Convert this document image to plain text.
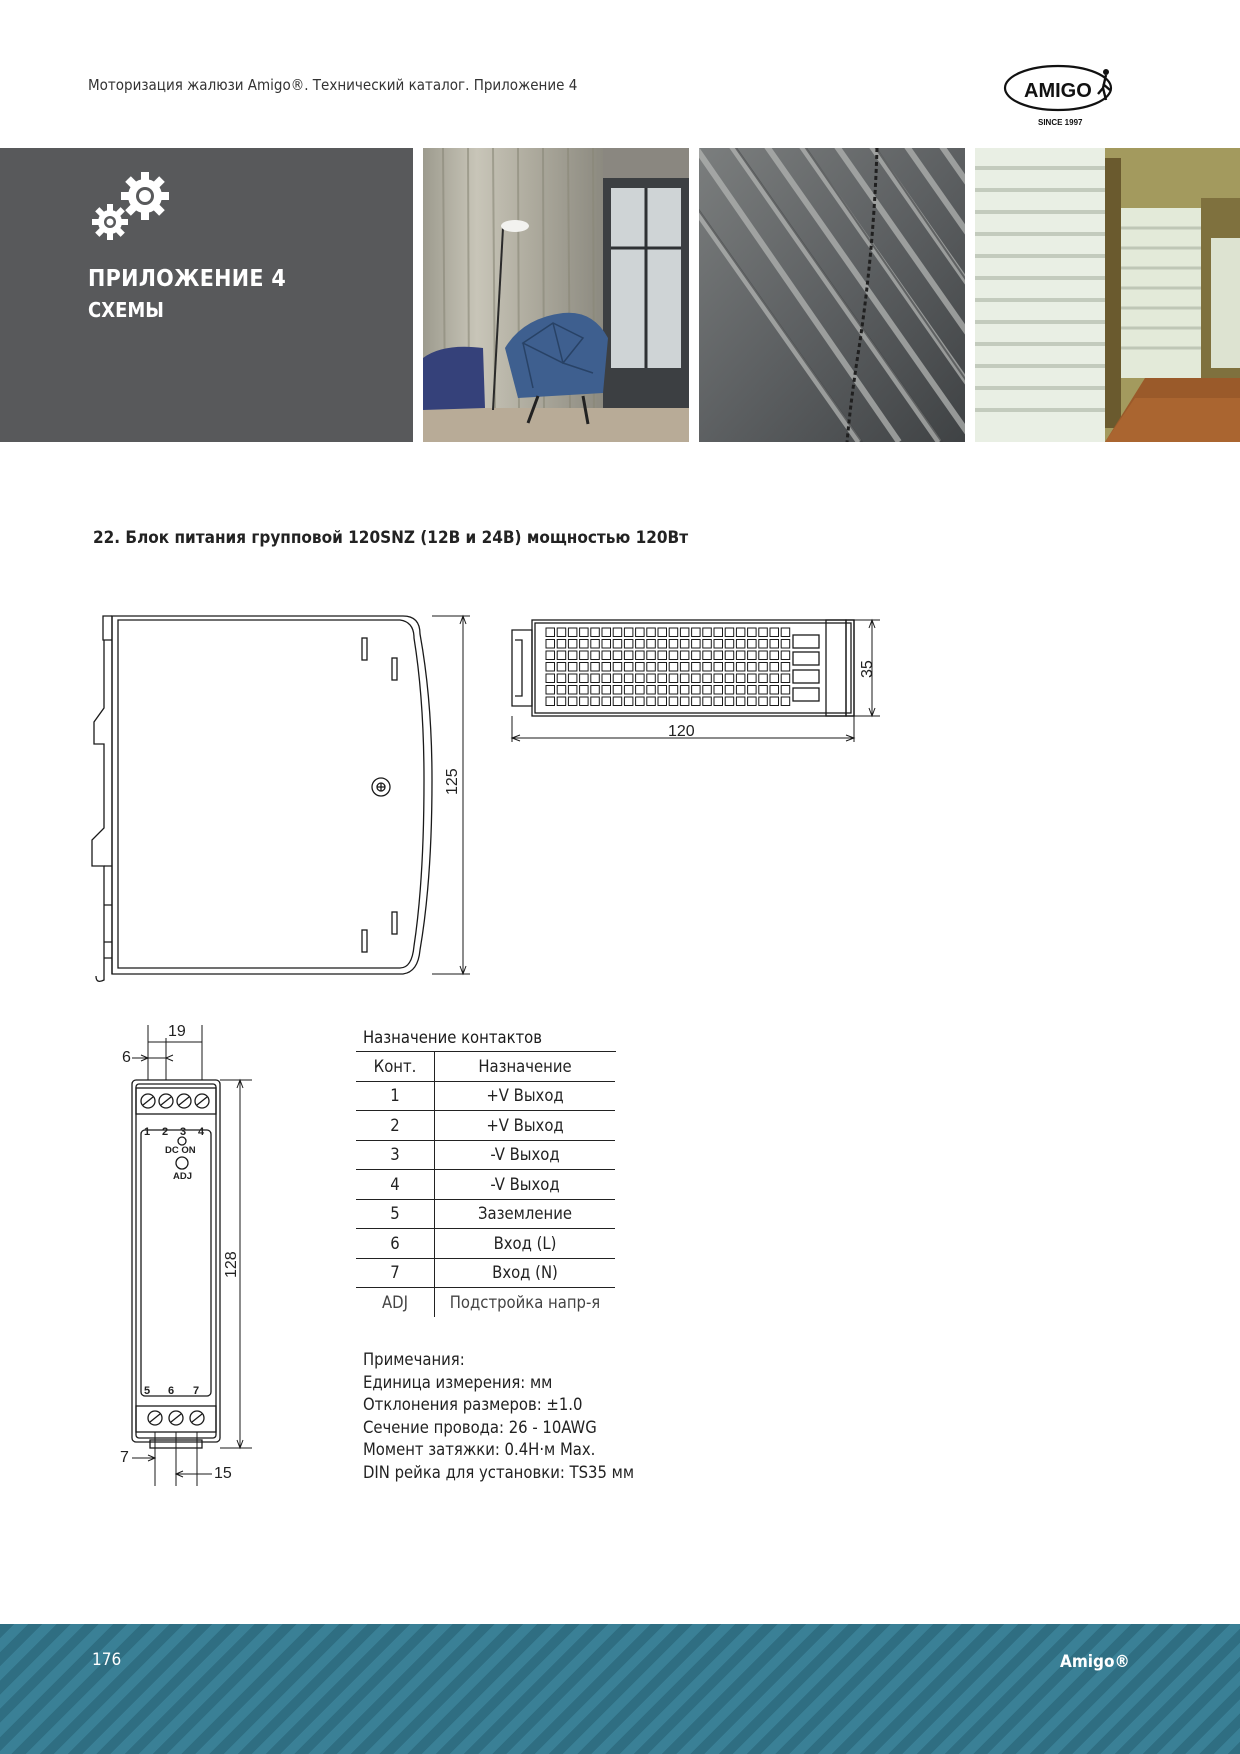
Моторизация жалюзи Amigo®. Технический каталог. Приложение 4	AMIGO
SINCE 1997
ПРИЛОЖЕНИЕ 4
СХЕМЫ
22. Блок питания групповой 120SNZ (12В и 24В) мощностью 120Вт
125
35
120
19
6
128
7
15
1 2 3 4
5 6 7
DC ON
ADJ
Назначение контактов
Конт.	Назначение
1	+V Выход
2	+V Выход
3	-V Выход
4	-V Выход
5	Заземление
6	Вход (L)
7	Вход (N)
ADJ	Подстройка напр-я
Примечания:
Единица измерения: мм
Отклонения размеров: ±1.0
Сечение провода: 26 - 10AWG
Момент затяжки: 0.4Н·м Max.
DIN рейка для установки: TS35 мм
176	Amigo®
